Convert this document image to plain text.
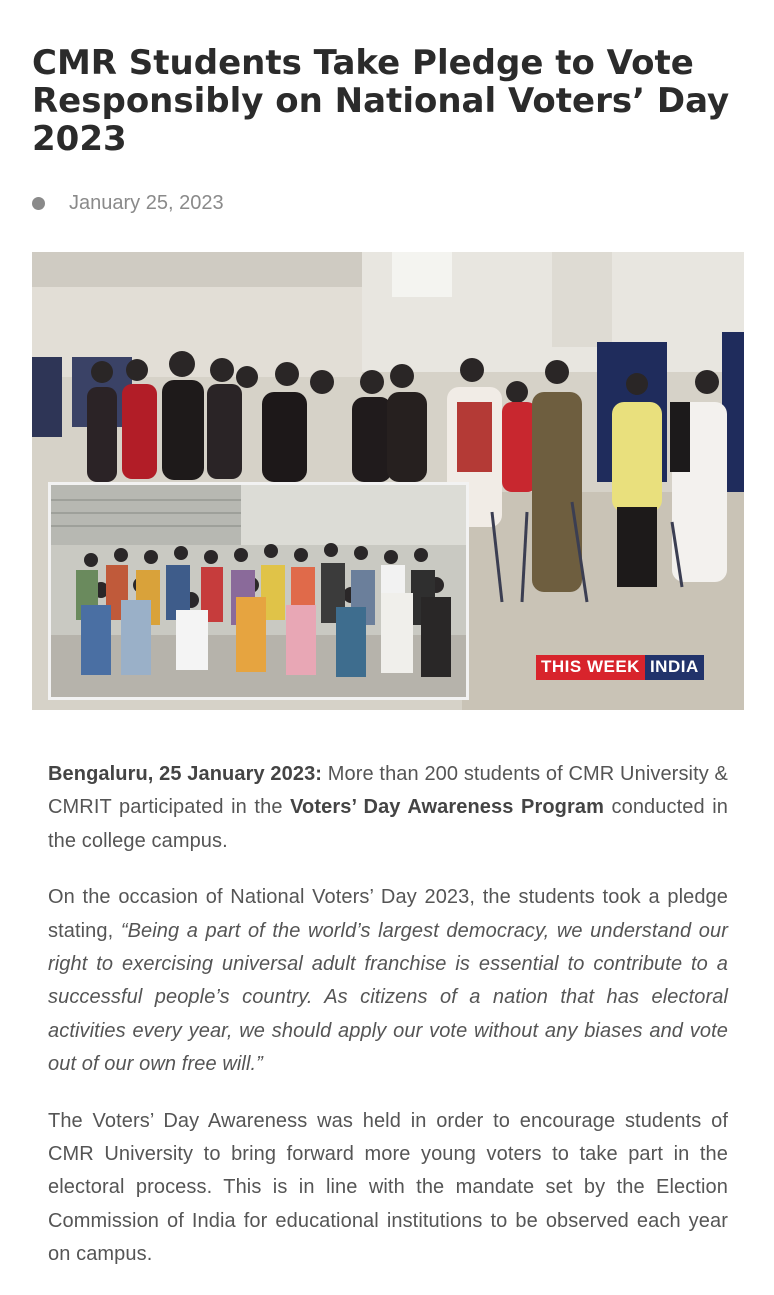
CMR Students Take Pledge to Vote Responsibly on National Voters’ Day 2023
January 25, 2023
THIS WEEK INDIA

Bengaluru, 25 January 2023: More than 200 students of CMR University & CMRIT participated in the Voters’ Day Awareness Program conducted in the college campus.

On the occasion of National Voters’ Day 2023, the students took a pledge stating, “Being a part of the world’s largest democracy, we understand our right to exercising universal adult franchise is essential to contribute to a successful people’s country. As citizens of a nation that has electoral activities every year, we should apply our vote without any biases and vote out of our own free will.”

The Voters’ Day Awareness was held in order to encourage students of CMR University to bring forward more young voters to take part in the electoral process. This is in line with the mandate set by the Election Commission of India for educational institutions to be observed each year on campus.
